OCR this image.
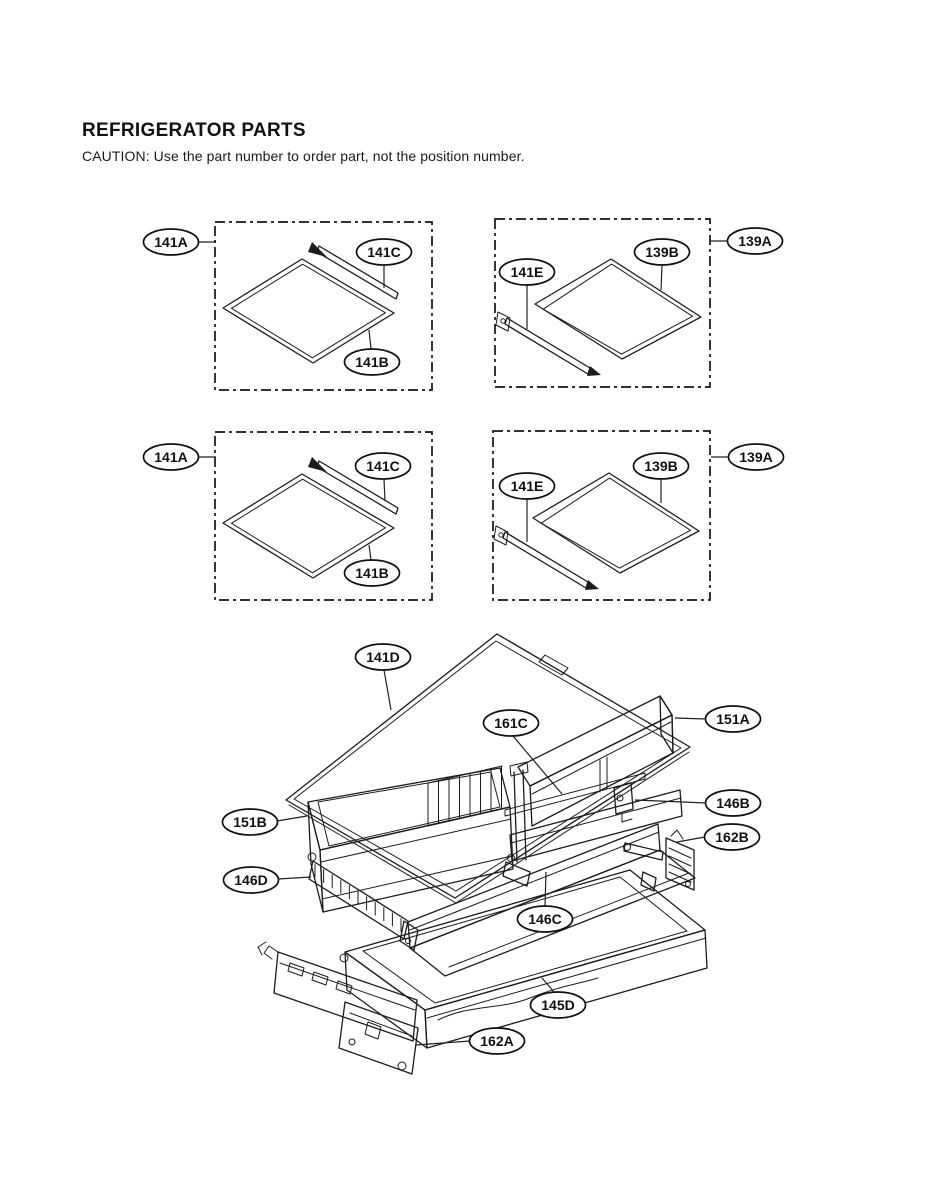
REFRIGERATOR PARTS
CAUTION: Use the part number to order part, not the position number.
141A
141C
141B
141E
139B
139A
141A
141C
141B
141E
139B
139A
141D
161C	151A
146B
162B
151B
146D
146C
145D
162A
